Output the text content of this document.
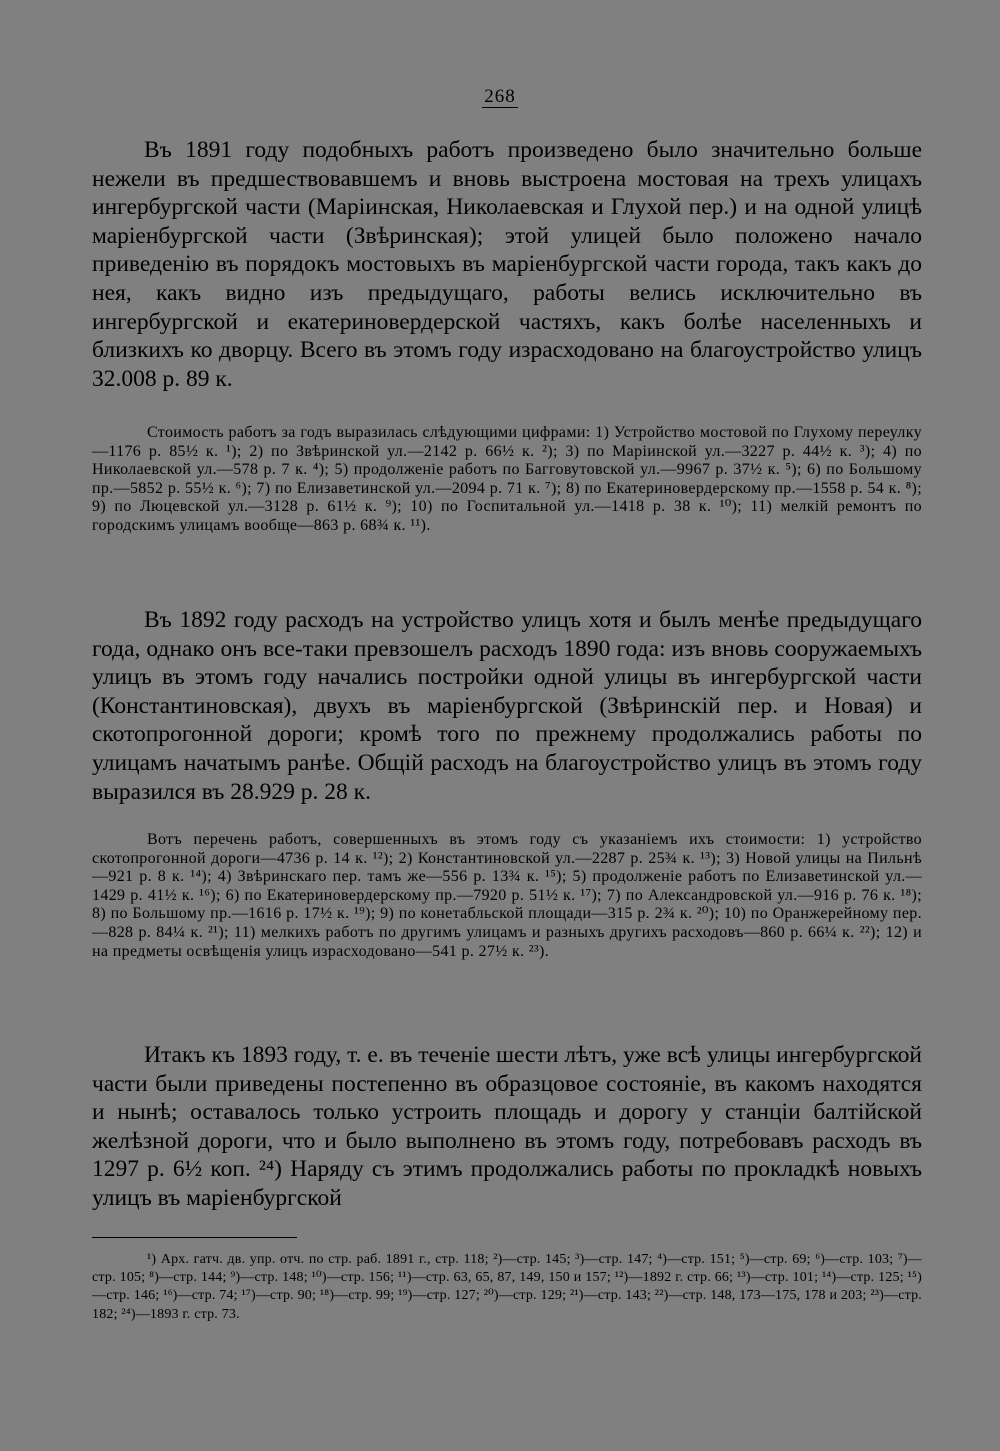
268

Въ 1891 году подобныхъ работъ произведено было значительно больше нежели въ предшествовавшемъ и вновь выстроена мостовая на трехъ улицахъ ингербургской части (Маріинская, Николаевская и Глухой пер.) и на одной улицѣ маріенбургской части (Звѣринская); этой улицей было положено начало приведенію въ порядокъ мостовыхъ въ маріенбургской части города, такъ какъ до нея, какъ видно изъ предыдущаго, работы велись исключительно въ ингербургской и екатериновердерской частяхъ, какъ болѣе населенныхъ и близкихъ ко дворцу. Всего въ этомъ году израсходовано на благоустройство улицъ 32.008 р. 89 к.

Стоимость работъ за годъ выразилась слѣдующими цифрами: 1) Устройство мостовой по Глухому переулку—1176 р. 85½ к. ¹); 2) по Звѣринской ул.—2142 р. 66½ к. ²); 3) по Маріинской ул.—3227 р. 44½ к. ³); 4) по Николаевской ул.—578 р. 7 к. ⁴); 5) продолженіе работъ по Багговутовской ул.—9967 р. 37½ к. ⁵); 6) по Большому пр.—5852 р. 55½ к. ⁶); 7) по Елизаветинской ул.—2094 р. 71 к. ⁷); 8) по Екатериновердерскому пр.—1558 р. 54 к. ⁸); 9) по Люцевской ул.—3128 р. 61½ к. ⁹); 10) по Госпитальной ул.—1418 р. 38 к. ¹⁰); 11) мелкій ремонтъ по городскимъ улицамъ вообще—863 р. 68¾ к. ¹¹).

Въ 1892 году расходъ на устройство улицъ хотя и былъ менѣе предыдущаго года, однако онъ все-таки превзошелъ расходъ 1890 года: изъ вновь сооружаемыхъ улицъ въ этомъ году начались постройки одной улицы въ ингербургской части (Константиновская), двухъ въ маріенбургской (Звѣринскій пер. и Новая) и скотопрогонной дороги; кромѣ того по прежнему продолжались работы по улицамъ начатымъ ранѣе. Общій расходъ на благоустройство улицъ въ этомъ году выразился въ 28.929 р. 28 к.

Вотъ перечень работъ, совершенныхъ въ этомъ году съ указаніемъ ихъ стоимости: 1) устройство скотопрогонной дороги—4736 р. 14 к. ¹²); 2) Константиновской ул.—2287 р. 25¾ к. ¹³); 3) Новой улицы на Пильнѣ—921 р. 8 к. ¹⁴); 4) Звѣринскаго пер. тамъ же—556 р. 13¾ к. ¹⁵); 5) продолженіе работъ по Елизаветинской ул.—1429 р. 41½ к. ¹⁶); 6) по Екатериновердерскому пр.—7920 р. 51½ к. ¹⁷); 7) по Александровской ул.—916 р. 76 к. ¹⁸); 8) по Большому пр.—1616 р. 17½ к. ¹⁹); 9) по конетабльской площади—315 р. 2¾ к. ²⁰); 10) по Оранжерейному пер.—828 р. 84¼ к. ²¹); 11) мелкихъ работъ по другимъ улицамъ и разныхъ другихъ расходовъ—860 р. 66¼ к. ²²); 12) и на предметы освѣщенія улицъ израсходовано—541 р. 27½ к. ²³).

Итакъ къ 1893 году, т. е. въ теченіе шести лѣтъ, уже всѣ улицы ингербургской части были приведены постепенно въ образцовое состояніе, въ какомъ находятся и нынѣ; оставалось только устроить площадь и дорогу у станціи балтійской желѣзной дороги, что и было выполнено въ этомъ году, потребовавъ расходъ въ 1297 р. 6½ коп. ²⁴) Наряду съ этимъ продолжались работы по прокладкѣ новыхъ улицъ въ маріенбургской

¹) Арх. гатч. дв. упр. отч. по стр. раб. 1891 г., стр. 118; ²)—стр. 145; ³)—стр. 147; ⁴)—стр. 151; ⁵)—стр. 69; ⁶)—стр. 103; ⁷)—стр. 105; ⁸)—стр. 144; ⁹)—стр. 148; ¹⁰)—стр. 156; ¹¹)—стр. 63, 65, 87, 149, 150 и 157; ¹²)—1892 г. стр. 66; ¹³)—стр. 101; ¹⁴)—стр. 125; ¹⁵)—стр. 146; ¹⁶)—стр. 74; ¹⁷)—стр. 90; ¹⁸)—стр. 99; ¹⁹)—стр. 127; ²⁰)—стр. 129; ²¹)—стр. 143; ²²)—стр. 148, 173—175, 178 и 203; ²³)—стр. 182; ²⁴)—1893 г. стр. 73.
